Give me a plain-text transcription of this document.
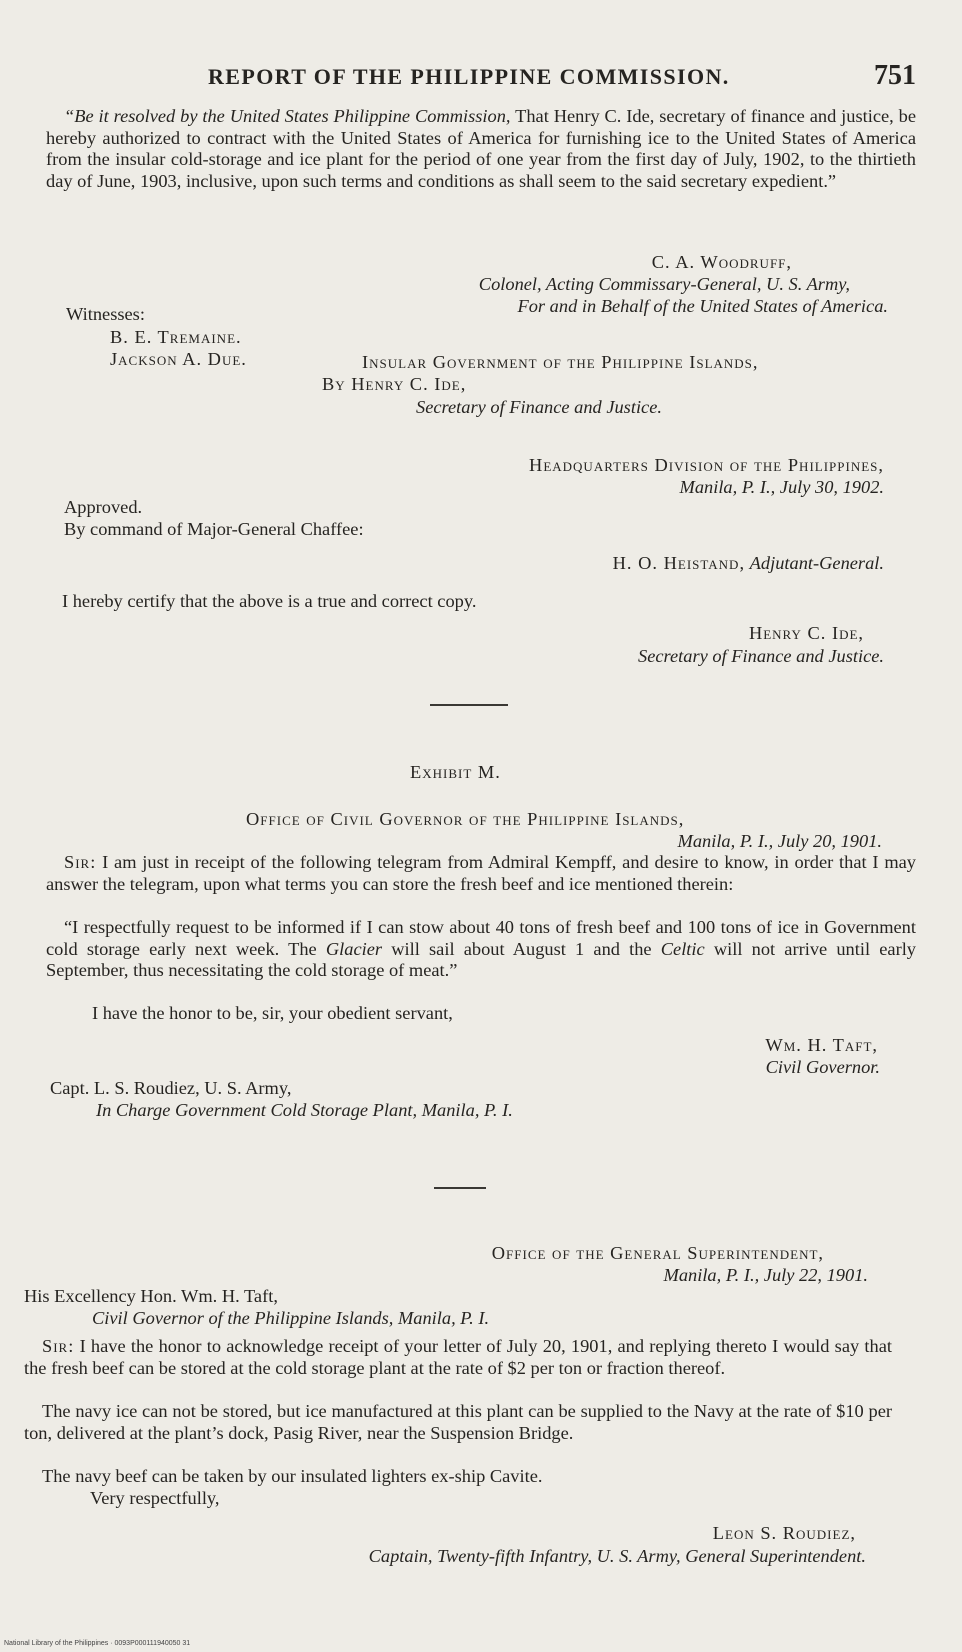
REPORT OF THE PHILIPPINE COMMISSION.	751

“Be it resolved by the United States Philippine Commission, That Henry C. Ide, secretary of finance and justice, be hereby authorized to contract with the United States of America for furnishing ice to the United States of America from the insular cold-storage and ice plant for the period of one year from the first day of July, 1902, to the thirtieth day of June, 1903, inclusive, upon such terms and conditions as shall seem to the said secretary expedient.”

C. A. Woodruff,
Colonel, Acting Commissary-General, U. S. Army,
For and in Behalf of the United States of America.
Witnesses:
B. E. Tremaine.
Jackson A. Due.	Insular Government of the Philippine Islands,
By Henry C. Ide,
Secretary of Finance and Justice.
Headquarters Division of the Philippines,
Manila, P. I., July 30, 1902.
Approved.
By command of Major-General Chaffee:
H. O. Heistand, Adjutant-General.
I hereby certify that the above is a true and correct copy.
Henry C. Ide,
Secretary of Finance and Justice.
Exhibit M.
Office of Civil Governor of the Philippine Islands,
Manila, P. I., July 20, 1901.

Sir: I am just in receipt of the following telegram from Admiral Kempff, and desire to know, in order that I may answer the telegram, upon what terms you can store the fresh beef and ice mentioned therein:

“I respectfully request to be informed if I can stow about 40 tons of fresh beef and 100 tons of ice in Government cold storage early next week. The Glacier will sail about August 1 and the Celtic will not arrive until early September, thus necessitating the cold storage of meat.”

I have the honor to be, sir, your obedient servant,
Wm. H. Taft,
Civil Governor.
Capt. L. S. Roudiez, U. S. Army,
In Charge Government Cold Storage Plant, Manila, P. I.
Office of the General Superintendent,
Manila, P. I., July 22, 1901.
His Excellency Hon. Wm. H. Taft,
Civil Governor of the Philippine Islands, Manila, P. I.

Sir: I have the honor to acknowledge receipt of your letter of July 20, 1901, and replying thereto I would say that the fresh beef can be stored at the cold storage plant at the rate of $2 per ton or fraction thereof.

The navy ice can not be stored, but ice manufactured at this plant can be supplied to the Navy at the rate of $10 per ton, delivered at the plant’s dock, Pasig River, near the Suspension Bridge.

The navy beef can be taken by our insulated lighters ex-ship Cavite.

Very respectfully,
Leon S. Roudiez,
Captain, Twenty-fifth Infantry, U. S. Army, General Superintendent.
National Library of the Philippines · 0093P000111940050 31
